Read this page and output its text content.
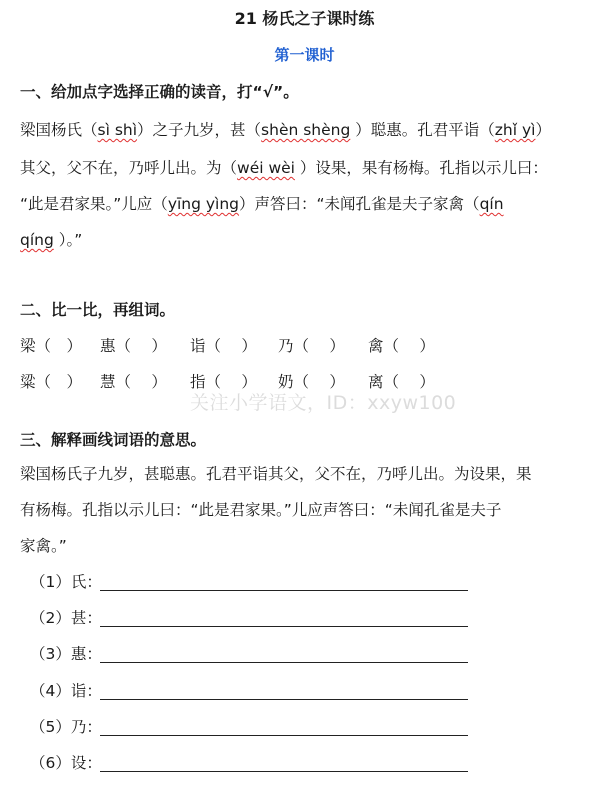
21 杨氏之子课时练
第一课时
一、给加点字选择正确的读音，打“√”。
梁国杨氏（sì shì）之子九岁，甚（shèn shèng ）聪惠。孔君平诣（zhǐ yì）
其父，父不在，乃呼儿出。为（wéi wèi ）设果，果有杨梅。孔指以示儿曰：
“此是君家果。”儿应（yīng yìng）声答曰：“未闻孔雀是夫子家禽（qín
qíng ）。”
二、比一比，再组词。
梁（　） 惠（　 ） 诣（　 ） 乃（　 ） 禽（　 ）
粱（　） 慧（　 ） 指（　 ） 奶（　 ） 离（　 ）
关注小学语文，ID：xxyw100
三、解释画线词语的意思。
梁国杨氏子九岁，甚聪惠。孔君平诣其父，父不在，乃呼儿出。为设果，果
有杨梅。孔指以示儿曰：“此是君家果。”儿应声答曰：“未闻孔雀是夫子
家禽。”
（1）氏：
（2）甚：
（3）惠：
（4）诣：
（5）乃：
（6）设：
